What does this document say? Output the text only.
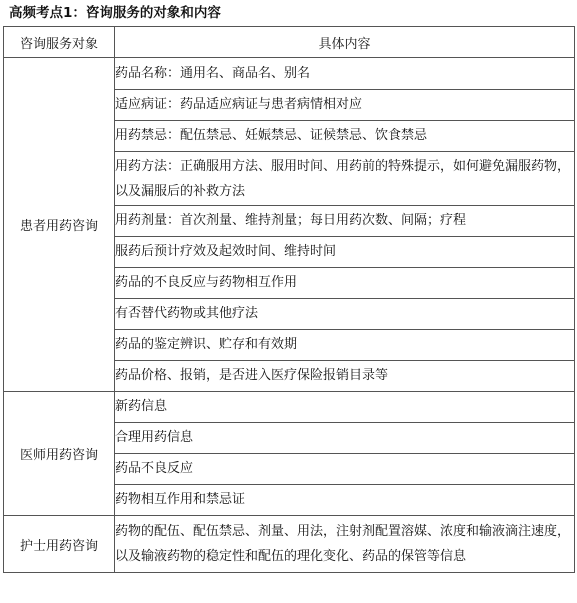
高频考点1：咨询服务的对象和内容
咨询服务对象	具体内容
患者用药咨询	药品名称：通用名、商品名、别名

	适应病证：药品适应病证与患者病情相对应

	用药禁忌：配伍禁忌、妊娠禁忌、证候禁忌、饮食禁忌

	用药方法：正确服用方法、服用时间、用药前的特殊提示，如何避免漏服药物，以及漏服后的补救方法

	用药剂量：首次剂量、维持剂量；每日用药次数、间隔；疗程

	服药后预计疗效及起效时间、维持时间

	药品的不良反应与药物相互作用

	有否替代药物或其他疗法

	药品的鉴定辨识、贮存和有效期

	药品价格、报销，是否进入医疗保险报销目录等

医师用药咨询	新药信息

	合理用药信息

	药品不良反应

	药物相互作用和禁忌证

护士用药咨询	药物的配伍、配伍禁忌、剂量、用法，注射剂配置溶媒、浓度和输液滴注速度，以及输液药物的稳定性和配伍的理化变化、药品的保管等信息
